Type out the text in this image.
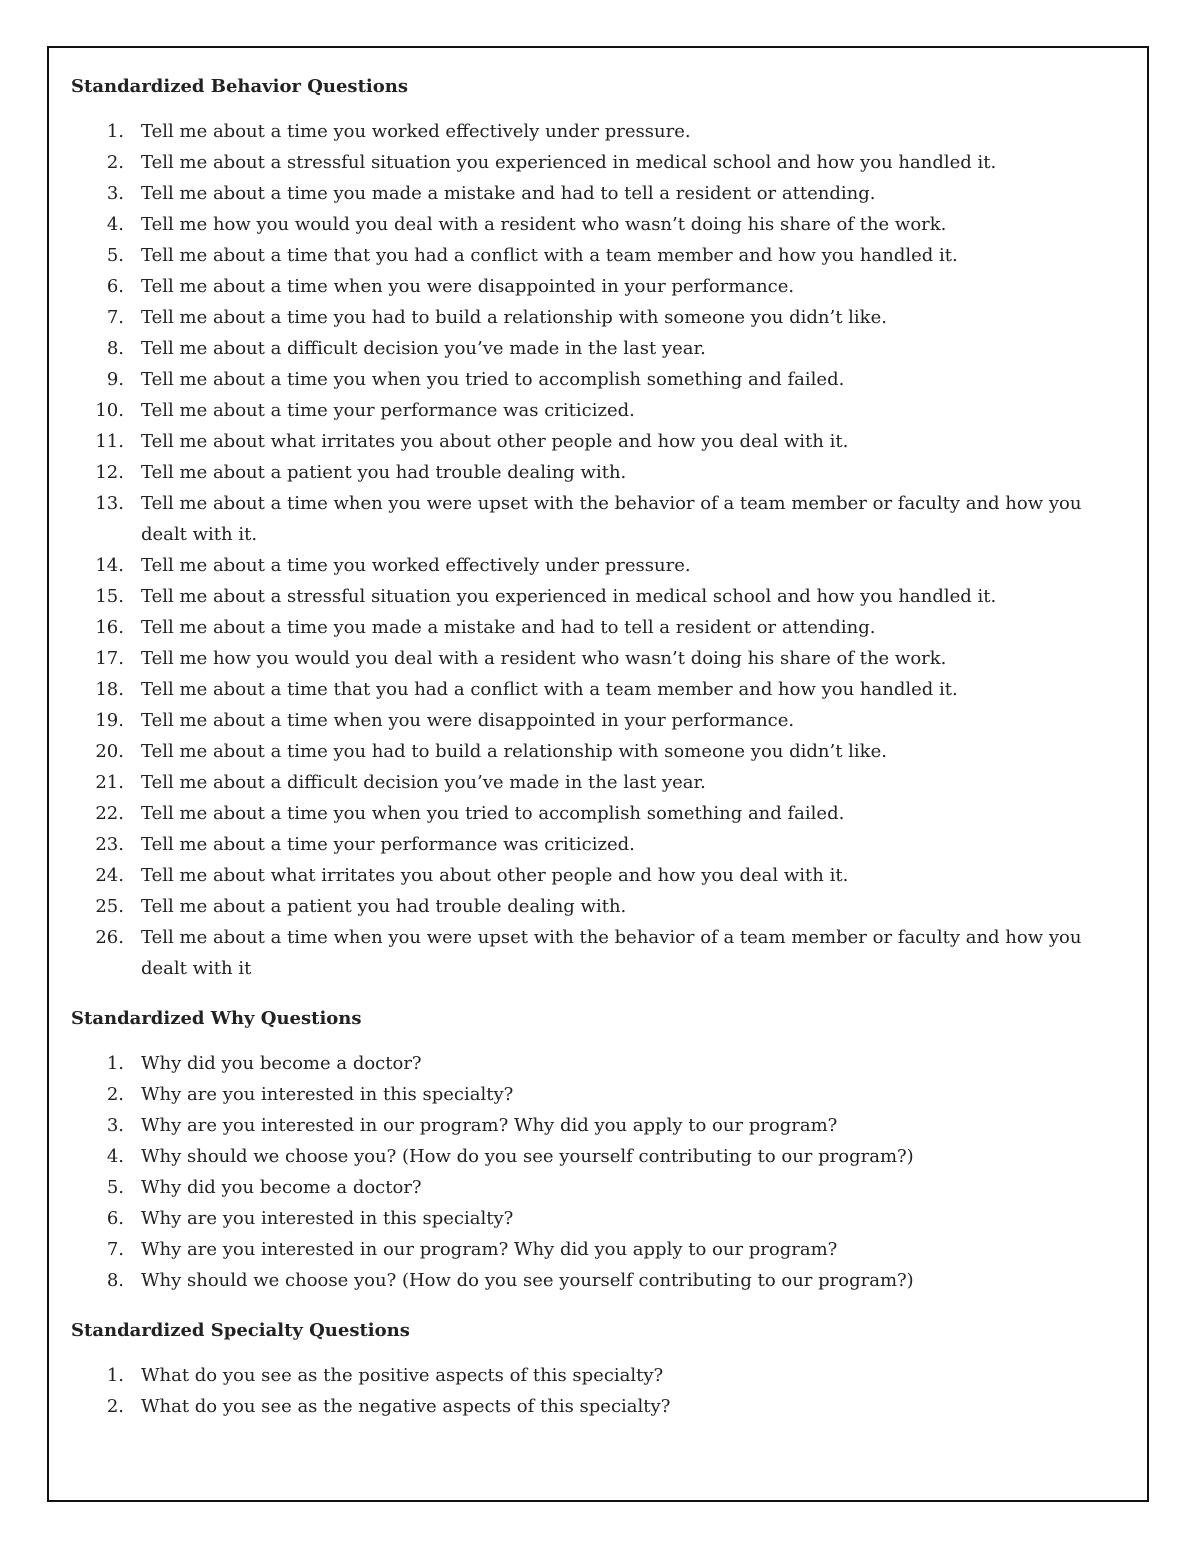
Standardized Behavior Questions
1. Tell me about a time you worked effectively under pressure.
2. Tell me about a stressful situation you experienced in medical school and how you handled it.
3. Tell me about a time you made a mistake and had to tell a resident or attending.
4. Tell me how you would you deal with a resident who wasn’t doing his share of the work.
5. Tell me about a time that you had a conflict with a team member and how you handled it.
6. Tell me about a time when you were disappointed in your performance.
7. Tell me about a time you had to build a relationship with someone you didn’t like.
8. Tell me about a difficult decision you’ve made in the last year.
9. Tell me about a time you when you tried to accomplish something and failed.
10. Tell me about a time your performance was criticized.
11. Tell me about what irritates you about other people and how you deal with it.
12. Tell me about a patient you had trouble dealing with.
13. Tell me about a time when you were upset with the behavior of a team member or faculty and how you dealt with it.
14. Tell me about a time you worked effectively under pressure.
15. Tell me about a stressful situation you experienced in medical school and how you handled it.
16. Tell me about a time you made a mistake and had to tell a resident or attending.
17. Tell me how you would you deal with a resident who wasn’t doing his share of the work.
18. Tell me about a time that you had a conflict with a team member and how you handled it.
19. Tell me about a time when you were disappointed in your performance.
20. Tell me about a time you had to build a relationship with someone you didn’t like.
21. Tell me about a difficult decision you’ve made in the last year.
22. Tell me about a time you when you tried to accomplish something and failed.
23. Tell me about a time your performance was criticized.
24. Tell me about what irritates you about other people and how you deal with it.
25. Tell me about a patient you had trouble dealing with.
26. Tell me about a time when you were upset with the behavior of a team member or faculty and how you dealt with it
Standardized Why Questions
1. Why did you become a doctor?
2. Why are you interested in this specialty?
3. Why are you interested in our program? Why did you apply to our program?
4. Why should we choose you? (How do you see yourself contributing to our program?)
5. Why did you become a doctor?
6. Why are you interested in this specialty?
7. Why are you interested in our program? Why did you apply to our program?
8. Why should we choose you? (How do you see yourself contributing to our program?)
Standardized Specialty Questions
1. What do you see as the positive aspects of this specialty?
2. What do you see as the negative aspects of this specialty?
